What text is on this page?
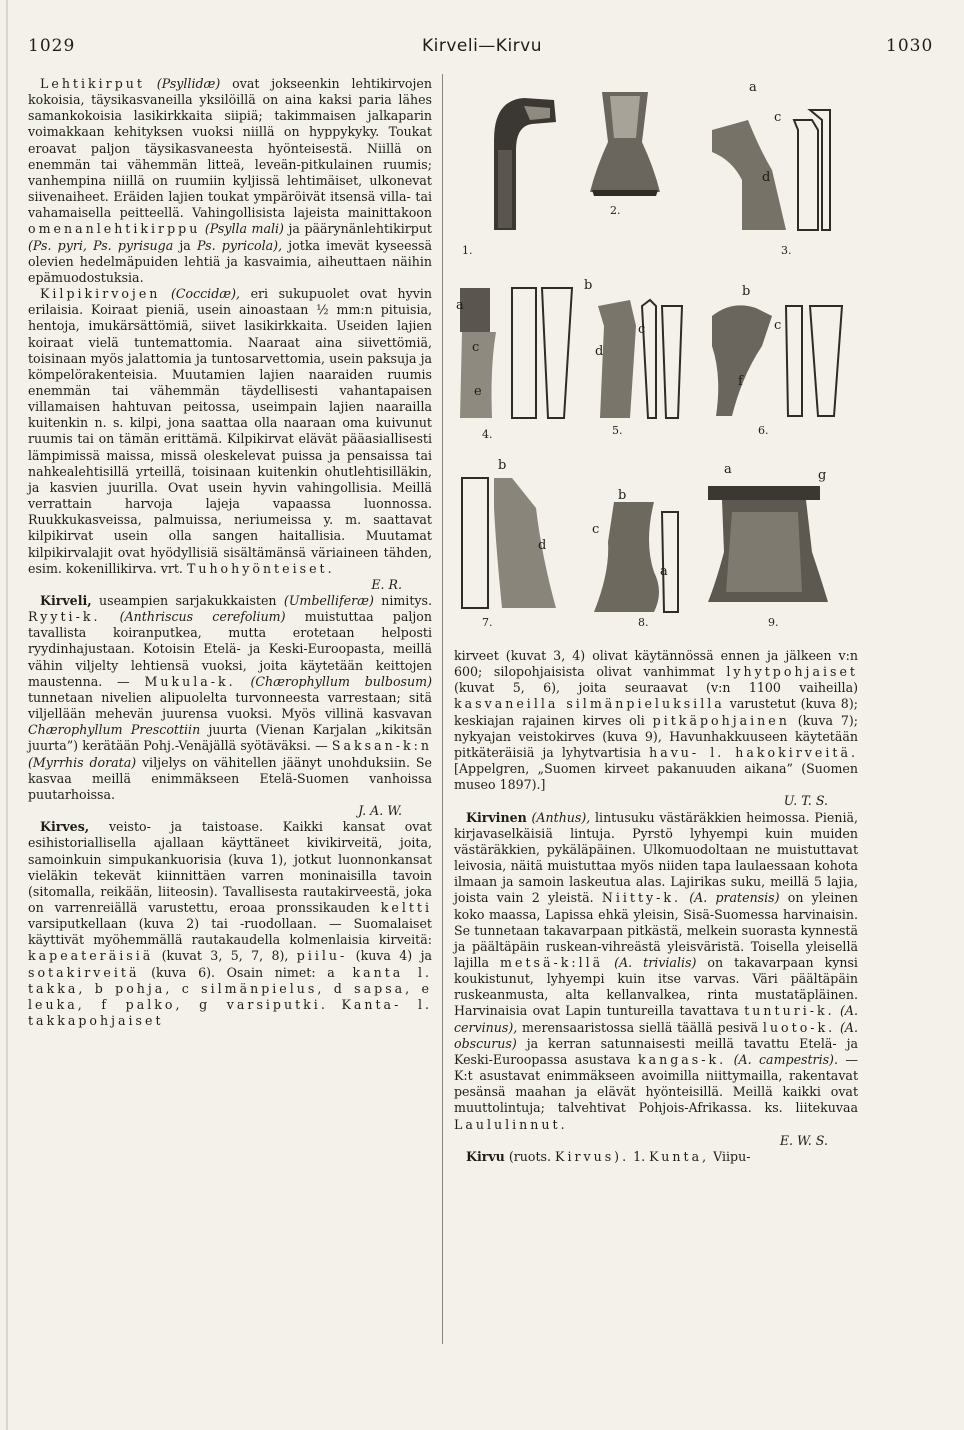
1029	Kirveli—Kirvu	1030

Lehtikirput (Psyllidæ) ovat jokseenkin lehtikirvojen kokoisia, täysikasvaneilla yksilöillä on aina kaksi paria lähes samankokoisia lasikirkkaita siipiä; takimmaisen jalkaparin voimakkaan kehityksen vuoksi niillä on hyppykyky. Toukat eroavat paljon täysikasvaneesta hyönteisestä. Niillä on enemmän tai vähemmän litteä, leveän-pitkulainen ruumis; vanhempina niillä on ruumiin kyljissä lehtimäiset, ulkonevat siivenaiheet. Eräiden lajien toukat ympäröivät itsensä villa- tai vahamaisella peitteellä. Vahingollisista lajeista mainittakoon omenanlehtikirppu (Psylla mali) ja päärynänlehtikirput (Ps. pyri, Ps. pyrisuga ja Ps. pyricola), jotka imevät kyseessä olevien hedelmäpuiden lehtiä ja kasvaimia, aiheuttaen näihin epämuodostuksia.

Kilpikirvojen (Coccidæ), eri sukupuolet ovat hyvin erilaisia. Koiraat pieniä, usein ainoastaan ½ mm:n pituisia, hentoja, imukärsättömiä, siivet lasikirkkaita. Useiden lajien koiraat vielä tuntemattomia. Naaraat aina siivettömiä, toisinaan myös jalattomia ja tuntosarvettomia, usein paksuja ja kömpelörakenteisia. Muutamien lajien naaraiden ruumis enemmän tai vähemmän täydellisesti vahantapaisen villamaisen hahtuvan peitossa, useimpain lajien naarailla kuitenkin n. s. kilpi, jona saattaa olla naaraan oma kuivunut ruumis tai on tämän erittämä. Kilpikirvat elävät pääasiallisesti lämpimissä maissa, missä oleskelevat puissa ja pensaissa tai nahkealehtisillä yrteillä, toisinaan kuitenkin ohutlehtisilläkin, ja kasvien juurilla. Ovat usein hyvin vahingollisia. Meillä verrattain harvoja lajeja vapaassa luonnossa. Ruukkukasveissa, palmuissa, neriumeissa y. m. saattavat kilpikirvat usein olla sangen haitallisia. Muutamat kilpikirvalajit ovat hyödyllisiä sisältämänsä väriaineen tähden, esim. kokenillikirva. vrt. Tuhohyönteiset.
E. R.

Kirveli, useampien sarjakukkaisten (Umbelliferæ) nimitys. Ryyti-k. (Anthriscus cerefolium) muistuttaa paljon tavallista koiranputkea, mutta erotetaan helposti ryydinhajustaan. Kotoisin Etelä- ja Keski-Euroopasta, meillä vähin viljelty lehtiensä vuoksi, joita käytetään keittojen maustenna. — Mukula-k. (Chærophyllum bulbosum) tunnetaan nivelien alipuolelta turvonneesta varrestaan; sitä viljellään mehevän juurensa vuoksi. Myös villinä kasvavan Chærophyllum Prescottiin juurta (Vienan Karjalan „kikitsän juurta”) kerätään Pohj.-Venäjällä syötäväksi. — Saksan-k:n (Myrrhis dorata) viljelys on vähitellen jäänyt unohduksiin. Se kasvaa meillä enimmäkseen Etelä-Suomen vanhoissa puutarhoissa.
J. A. W.

Kirves, veisto- ja taistoase. Kaikki kansat ovat esihistoriallisella ajallaan käyttäneet kivikirveitä, joita, samoinkuin simpukankuorisia (kuva 1), jotkut luonnonkansat vieläkin tekevät kiinnittäen varren moninaisilla tavoin (sitomalla, reikään, liiteosin). Tavallisesta rautakirveestä, joka on varrenreiällä varustettu, eroaa pronssikauden keltti varsiputkellaan (kuva 2) tai -ruodollaan. — Suomalaiset käyttivät myöhemmällä rautakaudella kolmenlaisia kirveitä: kapeateräisiä (kuvat 3, 5, 7, 8), piilu- (kuva 4) ja sotakirveitä (kuva 6). Osain nimet: a kanta l. takka, b pohja, c silmänpielus, d sapsa, e leuka, f palko, g varsiputki. Kanta- l. takkapohjaiset

1.
2.
a
c
d
3.
a
c
e
4.
b
c
d
5.
b
c
f
6.
b
d
7.
b
c
a
8.
a	g
9.

kirveet (kuvat 3, 4) olivat käytännössä ennen ja jälkeen v:n 600; silopohjaisista olivat vanhimmat lyhytpohjaiset (kuvat 5, 6), joita seuraavat (v:n 1100 vaiheilla) kasvaneilla silmänpieluksilla varustetut (kuva 8); keskiajan rajainen kirves oli pitkäpohjainen (kuva 7); nykyajan veistokirves (kuva 9), Havunhakkuuseen käytetään pitkäteräisiä ja lyhytvartisia havu- l. hakokirveitä. [Appelgren, „Suomen kirveet pakanuuden aikana” (Suomen museo 1897).]
U. T. S.

Kirvinen (Anthus), lintusuku västäräkkien heimossa. Pieniä, kirjavaselkäisiä lintuja. Pyrstö lyhyempi kuin muiden västäräkkien, pykäläpäinen. Ulkomuodoltaan ne muistuttavat leivosia, näitä muistuttaa myös niiden tapa laulaessaan kohota ilmaan ja samoin laskeutua alas. Lajirikas suku, meillä 5 lajia, joista vain 2 yleistä. Niitty-k. (A. pratensis) on yleinen koko maassa, Lapissa ehkä yleisin, Sisä-Suomessa harvinaisin. Se tunnetaan takavarpaan pitkästä, melkein suorasta kynnestä ja päältäpäin ruskean-vihreästä yleisväristä. Toisella yleisellä lajilla metsä-k:llä (A. trivialis) on takavarpaan kynsi koukistunut, lyhyempi kuin itse varvas. Väri päältäpäin ruskeanmusta, alta kellanvalkea, rinta mustatäpläinen. Harvinaisia ovat Lapin tuntureilla tavattava tunturi-k. (A. cervinus), merensaaristossa siellä täällä pesivä luoto-k. (A. obscurus) ja kerran satunnaisesti meillä tavattu Etelä- ja Keski-Euroopassa asustava kangas-k. (A. campestris). — K:t asustavat enimmäkseen avoimilla niittymailla, rakentavat pesänsä maahan ja elävät hyönteisillä. Meillä kaikki ovat muuttolintuja; talvehtivat Pohjois-Afrikassa. ks. liitekuvaa Laululinnut.
E. W. S.

Kirvu (ruots. Kirvus). 1. Kunta, Viipu-
